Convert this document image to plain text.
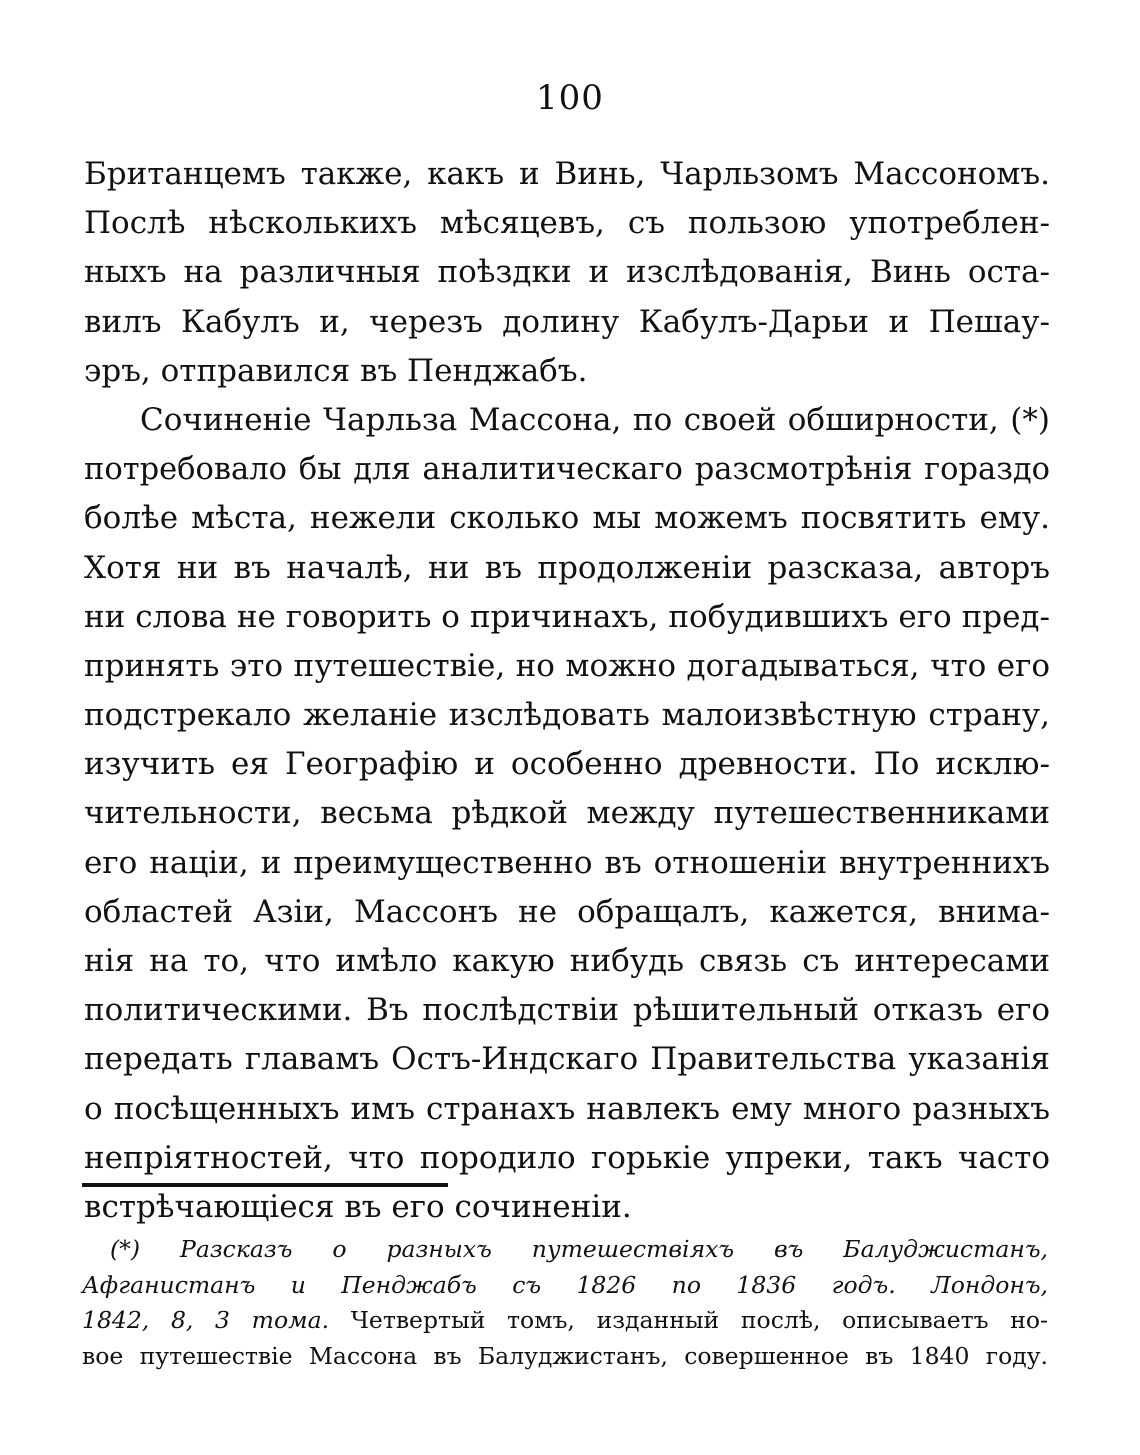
100
Британцемъ также, какъ и Винь, Чарльзомъ Массономъ.
Послѣ нѣсколькихъ мѣсяцевъ, съ пользою употреблен-
ныхъ на различныя поѣздки и изслѣдованія, Винь оста-
вилъ Кабулъ и, черезъ долину Кабулъ-Дарьи и Пешау-
эръ, отправился въ Пенджабъ.
Сочиненіе Чарльза Массона, по своей обширности, (*)
потребовало бы для аналитическаго разсмотрѣнія гораздо
болѣе мѣста, нежели сколько мы можемъ посвятить ему.
Хотя ни въ началѣ, ни въ продолженіи разсказа, авторъ
ни слова не говорить о причинахъ, побудившихъ его пред-
принять это путешествіе, но можно догадываться, что его
подстрекало желаніе изслѣдовать малоизвѣстную страну,
изучить ея Географію и особенно древности. По исклю-
чительности, весьма рѣдкой между путешественниками
его націи, и преимущественно въ отношеніи внутреннихъ
областей Азіи, Массонъ не обращалъ, кажется, внима-
нія на то, что имѣло какую нибудь связь съ интересами
политическими. Въ послѣдствіи рѣшительный отказъ его
передать главамъ Остъ-Индскаго Правительства указанія
о посѣщенныхъ имъ странахъ навлекъ ему много разныхъ
непріятностей, что породило горькіе упреки, такъ часто
встрѣчающіеся въ его сочиненіи.
(*) Разсказъ о разныхъ путешествіяхъ въ Балуджистанъ,
Афганистанъ и Пенджабъ съ 1826 по 1836 годъ. Лондонъ,
1842, 8, 3 тома. Четвертый томъ, изданный послѣ, описываетъ но-
вое путешествіе Массона въ Балуджистанъ, совершенное въ 1840 году.
